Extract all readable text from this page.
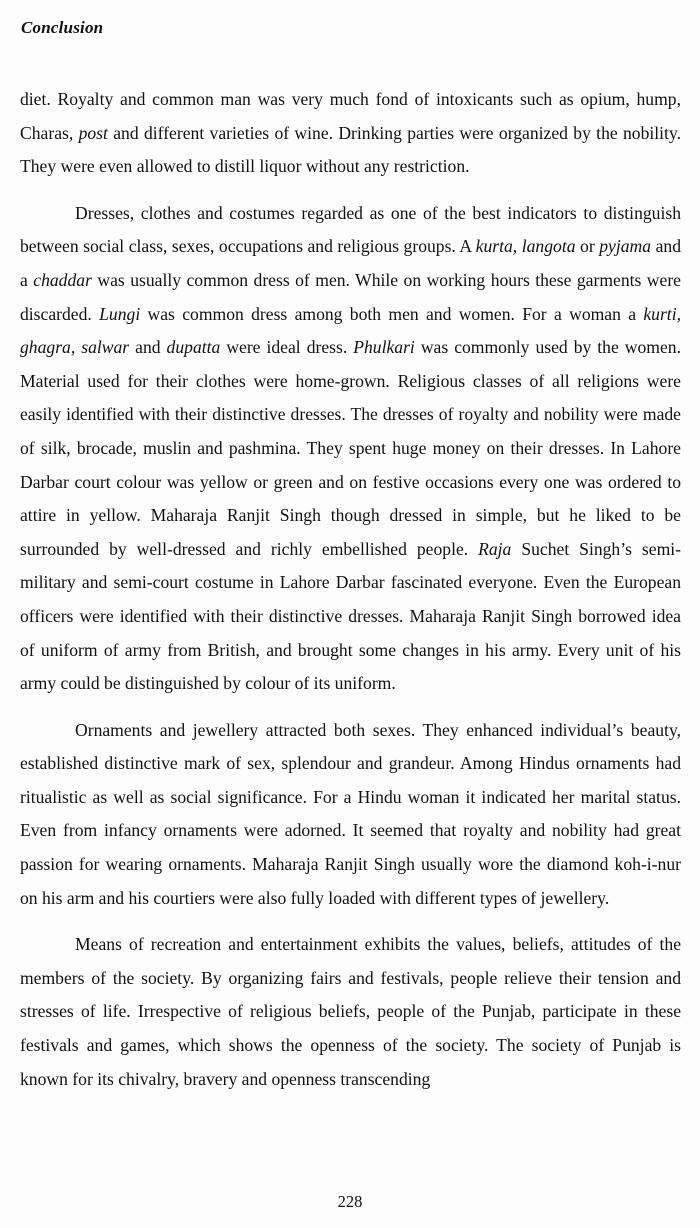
Conclusion

diet. Royalty and common man was very much fond of intoxicants such as opium, hump, Charas, post and different varieties of wine. Drinking parties were organized by the nobility. They were even allowed to distill liquor without any restriction.

Dresses, clothes and costumes regarded as one of the best indicators to distinguish between social class, sexes, occupations and religious groups. A kurta, langota or pyjama and a chaddar was usually common dress of men. While on working hours these garments were discarded. Lungi was common dress among both men and women. For a woman a kurti, ghagra, salwar and dupatta were ideal dress. Phulkari was commonly used by the women. Material used for their clothes were home-grown. Religious classes of all religions were easily identified with their distinctive dresses. The dresses of royalty and nobility were made of silk, brocade, muslin and pashmina. They spent huge money on their dresses. In Lahore Darbar court colour was yellow or green and on festive occasions every one was ordered to attire in yellow. Maharaja Ranjit Singh though dressed in simple, but he liked to be surrounded by well-dressed and richly embellished people. Raja Suchet Singh’s semi-military and semi-court costume in Lahore Darbar fascinated everyone. Even the European officers were identified with their distinctive dresses. Maharaja Ranjit Singh borrowed idea of uniform of army from British, and brought some changes in his army. Every unit of his army could be distinguished by colour of its uniform.

Ornaments and jewellery attracted both sexes. They enhanced individual’s beauty, established distinctive mark of sex, splendour and grandeur. Among Hindus ornaments had ritualistic as well as social significance. For a Hindu woman it indicated her marital status. Even from infancy ornaments were adorned. It seemed that royalty and nobility had great passion for wearing ornaments. Maharaja Ranjit Singh usually wore the diamond koh-i-nur on his arm and his courtiers were also fully loaded with different types of jewellery.

Means of recreation and entertainment exhibits the values, beliefs, attitudes of the members of the society. By organizing fairs and festivals, people relieve their tension and stresses of life. Irrespective of religious beliefs, people of the Punjab, participate in these festivals and games, which shows the openness of the society. The society of Punjab is known for its chivalry, bravery and openness transcending

228
